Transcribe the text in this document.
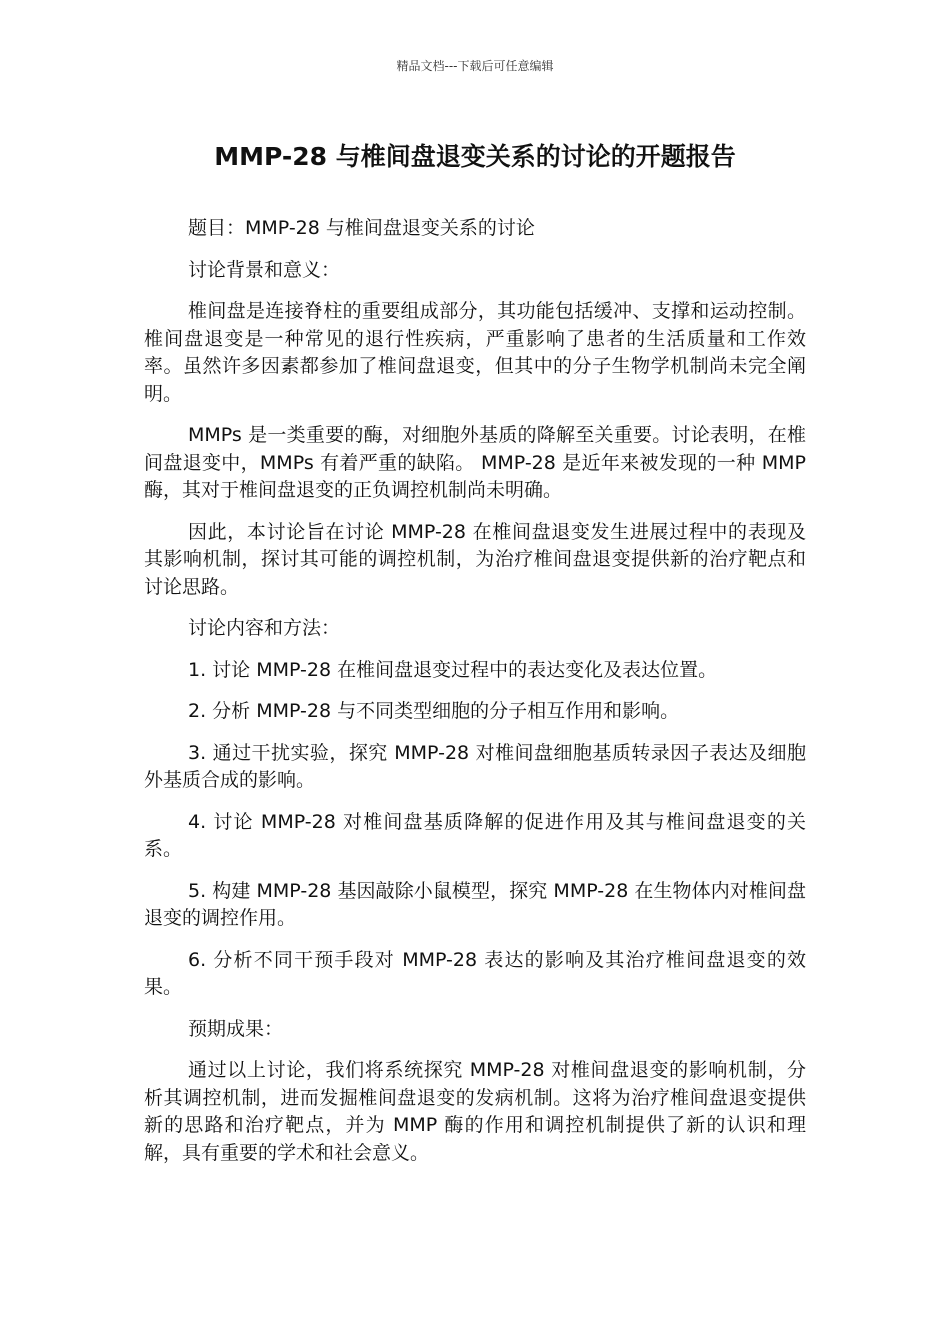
精品文档---下载后可任意编辑
MMP-28 与椎间盘退变关系的讨论的开题报告

题目：MMP-28 与椎间盘退变关系的讨论

讨论背景和意义：

椎间盘是连接脊柱的重要组成部分，其功能包括缓冲、支撑和运动控制。椎间盘退变是一种常见的退行性疾病，严重影响了患者的生活质量和工作效率。虽然许多因素都参加了椎间盘退变，但其中的分子生物学机制尚未完全阐明。

MMPs 是一类重要的酶，对细胞外基质的降解至关重要。讨论表明，在椎间盘退变中，MMPs 有着严重的缺陷。 MMP-28 是近年来被发现的一种 MMP 酶，其对于椎间盘退变的正负调控机制尚未明确。

因此，本讨论旨在讨论 MMP-28 在椎间盘退变发生进展过程中的表现及其影响机制，探讨其可能的调控机制，为治疗椎间盘退变提供新的治疗靶点和讨论思路。

讨论内容和方法：

1. 讨论 MMP-28 在椎间盘退变过程中的表达变化及表达位置。

2. 分析 MMP-28 与不同类型细胞的分子相互作用和影响。

3. 通过干扰实验，探究 MMP-28 对椎间盘细胞基质转录因子表达及细胞外基质合成的影响。

4. 讨论 MMP-28 对椎间盘基质降解的促进作用及其与椎间盘退变的关系。

5. 构建 MMP-28 基因敲除小鼠模型，探究 MMP-28 在生物体内对椎间盘退变的调控作用。

6. 分析不同干预手段对 MMP-28 表达的影响及其治疗椎间盘退变的效果。

预期成果：

通过以上讨论，我们将系统探究 MMP-28 对椎间盘退变的影响机制，分析其调控机制，进而发掘椎间盘退变的发病机制。这将为治疗椎间盘退变提供新的思路和治疗靶点，并为 MMP 酶的作用和调控机制提供了新的认识和理解，具有重要的学术和社会意义。
